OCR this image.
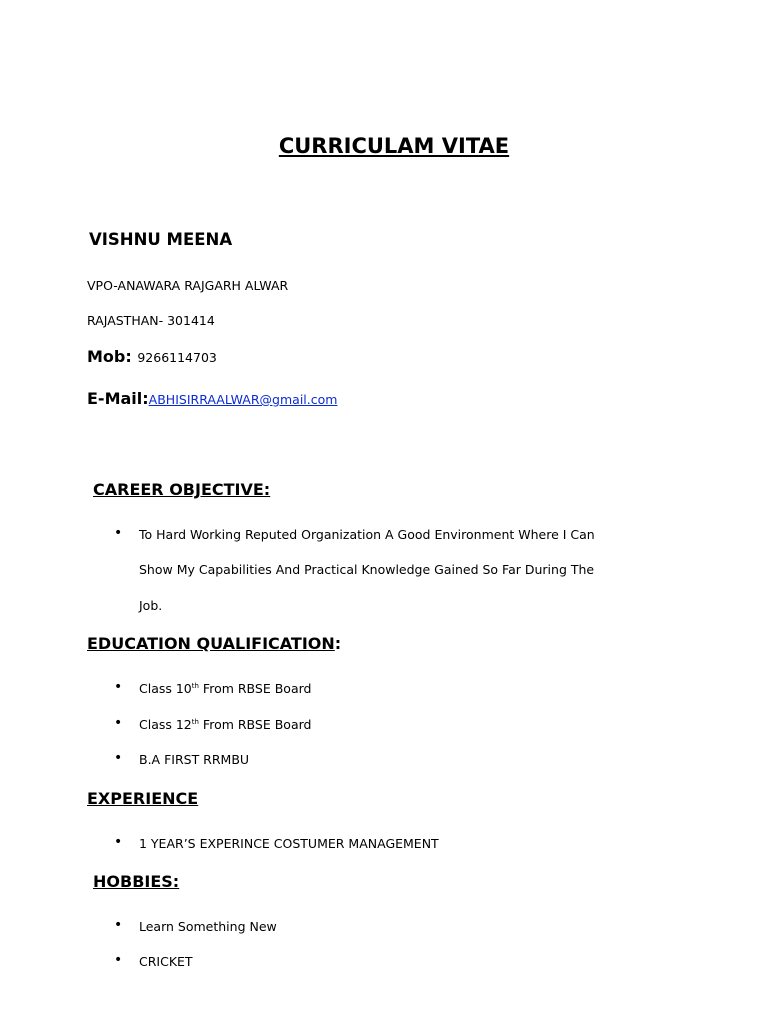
CURRICULAM VITAE
VISHNU MEENA
VPO-ANAWARA RAJGARH ALWAR
RAJASTHAN- 301414
Mob: 9266114703
E-Mail:ABHISIRRAALWAR@gmail.com
CAREER OBJECTIVE:
• To Hard Working Reputed Organization A Good Environment Where I Can
Show My Capabilities And Practical Knowledge Gained So Far During The
Job.
EDUCATION QUALIFICATION:
• Class 10th From RBSE Board
• Class 12th From RBSE Board
• B.A FIRST RRMBU
EXPERIENCE
• 1 YEAR’S EXPERINCE COSTUMER MANAGEMENT
HOBBIES:
• Learn Something New
• CRICKET
